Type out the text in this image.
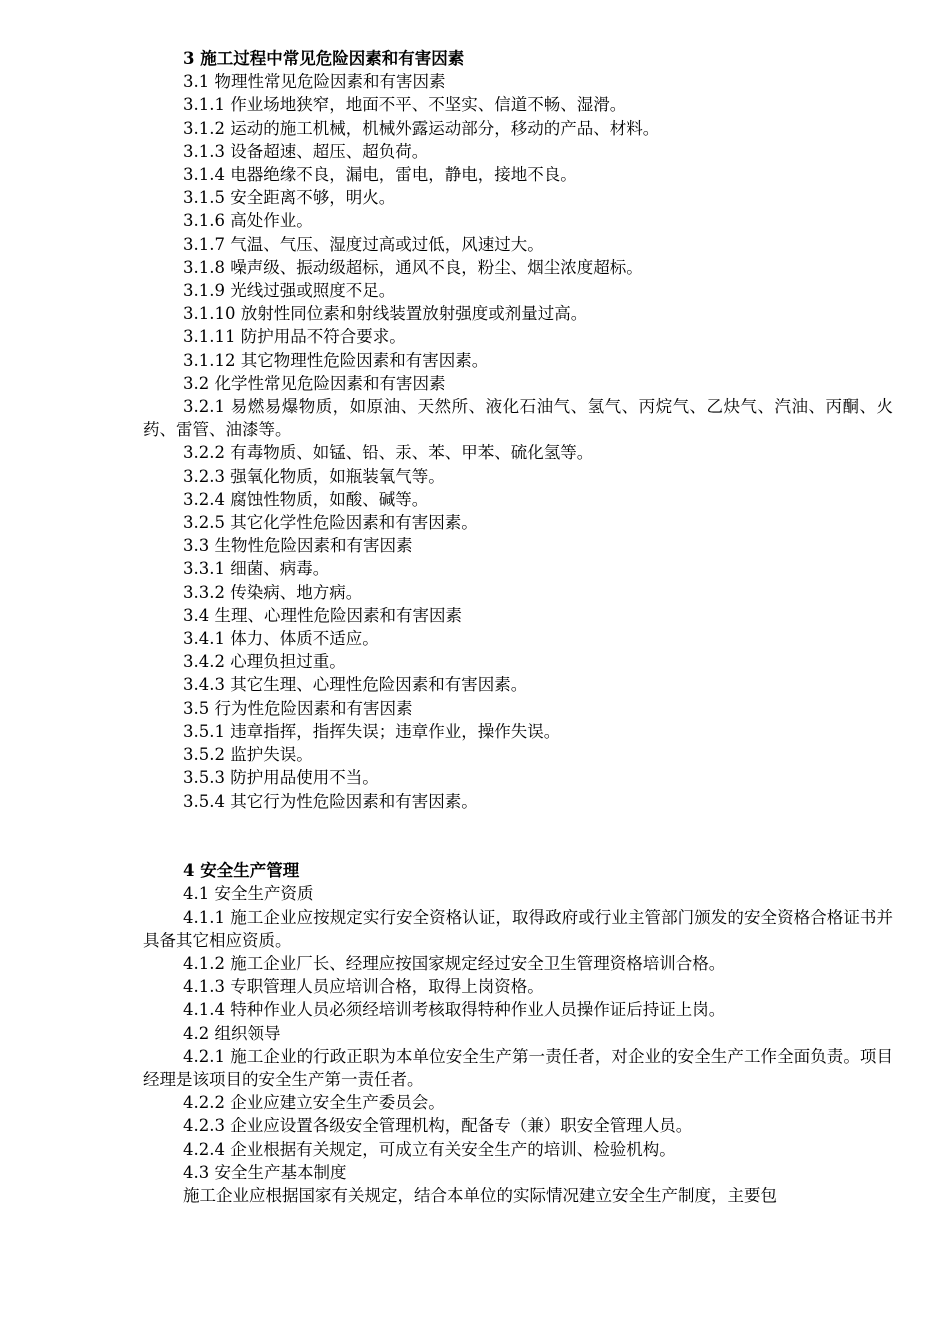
3 施工过程中常见危险因素和有害因素

3.1 物理性常见危险因素和有害因素

3.1.1 作业场地狭窄，地面不平、不坚实、信道不畅、湿滑。

3.1.2 运动的施工机械，机械外露运动部分，移动的产品、材料。

3.1.3 设备超速、超压、超负荷。

3.1.4 电器绝缘不良，漏电，雷电，静电，接地不良。

3.1.5 安全距离不够，明火。

3.1.6 高处作业。

3.1.7 气温、气压、湿度过高或过低，风速过大。

3.1.8 噪声级、振动级超标，通风不良，粉尘、烟尘浓度超标。

3.1.9 光线过强或照度不足。

3.1.10 放射性同位素和射线装置放射强度或剂量过高。

3.1.11 防护用品不符合要求。

3.1.12 其它物理性危险因素和有害因素。

3.2 化学性常见危险因素和有害因素

3.2.1 易燃易爆物质，如原油、天然所、液化石油气、氢气、丙烷气、乙炔气、汽油、丙酮、火药、雷管、油漆等。

3.2.2 有毒物质、如锰、铅、汞、苯、甲苯、硫化氢等。

3.2.3 强氧化物质，如瓶装氧气等。

3.2.4 腐蚀性物质，如酸、碱等。

3.2.5 其它化学性危险因素和有害因素。

3.3 生物性危险因素和有害因素

3.3.1 细菌、病毒。

3.3.2 传染病、地方病。

3.4 生理、心理性危险因素和有害因素

3.4.1 体力、体质不适应。

3.4.2 心理负担过重。

3.4.3 其它生理、心理性危险因素和有害因素。

3.5 行为性危险因素和有害因素

3.5.1 违章指挥，指挥失误；违章作业，操作失误。

3.5.2 监护失误。

3.5.3 防护用品使用不当。

3.5.4 其它行为性危险因素和有害因素。

4 安全生产管理

4.1 安全生产资质

4.1.1 施工企业应按规定实行安全资格认证，取得政府或行业主管部门颁发的安全资格合格证书并具备其它相应资质。

4.1.2 施工企业厂长、经理应按国家规定经过安全卫生管理资格培训合格。

4.1.3 专职管理人员应培训合格，取得上岗资格。

4.1.4 特种作业人员必须经培训考核取得特种作业人员操作证后持证上岗。

4.2 组织领导

4.2.1 施工企业的行政正职为本单位安全生产第一责任者，对企业的安全生产工作全面负责。项目经理是该项目的安全生产第一责任者。

4.2.2 企业应建立安全生产委员会。

4.2.3 企业应设置各级安全管理机构，配备专（兼）职安全管理人员。

4.2.4 企业根据有关规定，可成立有关安全生产的培训、检验机构。

4.3 安全生产基本制度

施工企业应根据国家有关规定，结合本单位的实际情况建立安全生产制度，主要包
